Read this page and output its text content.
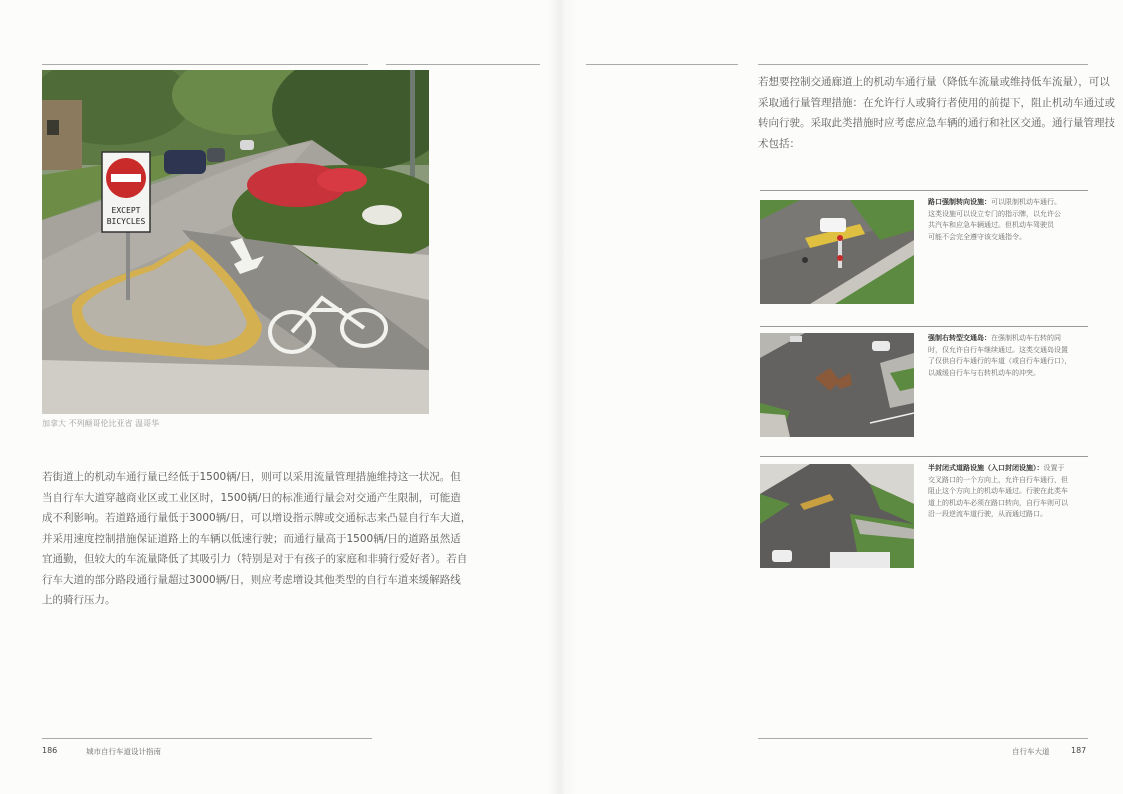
EXCEPT
BICYCLES
加拿大 不列颠哥伦比亚省 温哥华
若街道上的机动车通行量已经低于1500辆/日，则可以采用流量管理措施维持这一状况。但
当自行车大道穿越商业区或工业区时，1500辆/日的标准通行量会对交通产生限制，可能造
成不利影响。若道路通行量低于3000辆/日，可以增设指示牌或交通标志来凸显自行车大道，
并采用速度控制措施保证道路上的车辆以低速行驶；而通行量高于1500辆/日的道路虽然适
宜通勤，但较大的车流量降低了其吸引力（特别是对于有孩子的家庭和非骑行爱好者）。若自
行车大道的部分路段通行量超过3000辆/日，则应考虑增设其他类型的自行车道来缓解路线
上的骑行压力。
若想要控制交通廊道上的机动车通行量（降低车流量或维持低车流量），可以
采取通行量管理措施：在允许行人或骑行者使用的前提下，阻止机动车通过或
转向行驶。采取此类措施时应考虑应急车辆的通行和社区交通。通行量管理技
术包括：
路口强制转向设施：可以限制机动车通行。
这类设施可以设立专门的指示牌，以允许公
共汽车和应急车辆通过。但机动车驾驶员
可能不会完全遵守该交通指令。
强制右转型交通岛：在强制机动车右转的同
时，仅允许自行车继续通过。这类交通岛设置
了仅供自行车通行的车道（或自行车通行口），
以减缓自行车与右转机动车的冲突。
半封闭式道路设施（入口封闭设施）：设置于
交叉路口的一个方向上，允许自行车通行，但
阻止这个方向上的机动车通过。行驶在此类车
道上的机动车必须在路口转向，自行车则可以
沿一段逆流车道行驶，从而通过路口。
186	城市自行车道设计指南	自行车大道	187
